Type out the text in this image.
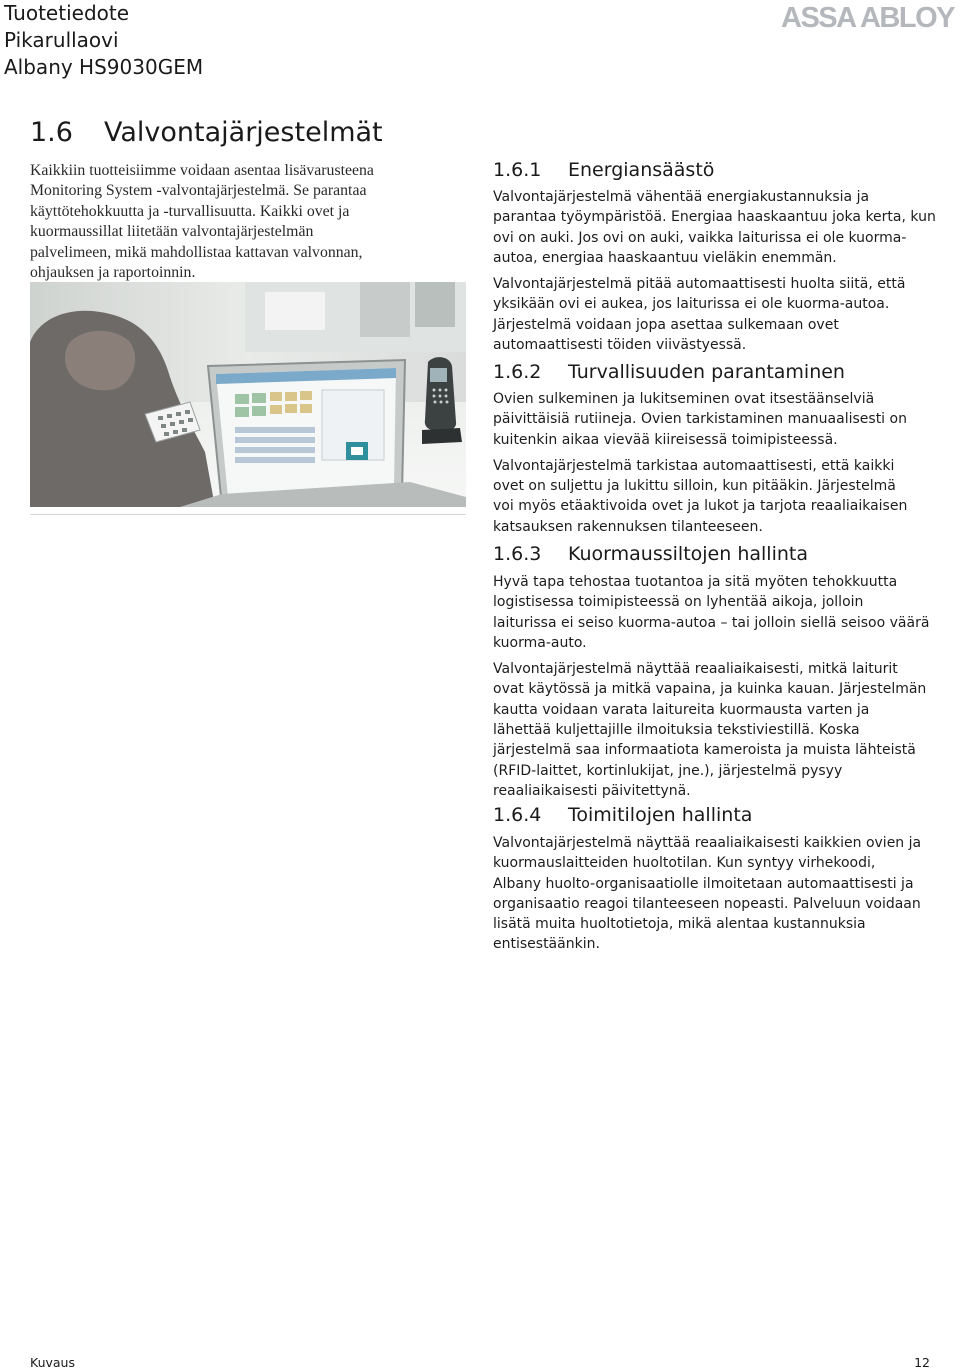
Tuotetiedote
Pikarullaovi
Albany HS9030GEM
ASSA ABLOY
1.6 Valvontajärjestelmät
Kaikkiin tuotteisiimme voidaan asentaa lisävarusteena
Monitoring System -valvontajärjestelmä. Se parantaa
käyttötehokkuutta ja -turvallisuutta. Kaikki ovet ja
kuormaussillat liitetään valvontajärjestelmän
palvelimeen, mikä mahdollistaa kattavan valvonnan,
ohjauksen ja raportoinnin.
1.6.1 Energiansäästö
Valvontajärjestelmä vähentää energiakustannuksia ja
parantaa työympäristöä. Energiaa haaskaantuu joka kerta, kun
ovi on auki. Jos ovi on auki, vaikka laiturissa ei ole kuorma-
autoa, energiaa haaskaantuu vieläkin enemmän.
Valvontajärjestelmä pitää automaattisesti huolta siitä, että
yksikään ovi ei aukea, jos laiturissa ei ole kuorma-autoa.
Järjestelmä voidaan jopa asettaa sulkemaan ovet
automaattisesti töiden viivästyessä.
1.6.2 Turvallisuuden parantaminen
Ovien sulkeminen ja lukitseminen ovat itsestäänselviä
päivittäisiä rutiineja. Ovien tarkistaminen manuaalisesti on
kuitenkin aikaa vievää kiireisessä toimipisteessä.
Valvontajärjestelmä tarkistaa automaattisesti, että kaikki
ovet on suljettu ja lukittu silloin, kun pitääkin. Järjestelmä
voi myös etäaktivoida ovet ja lukot ja tarjota reaaliaikaisen
katsauksen rakennuksen tilanteeseen.
1.6.3 Kuormaussiltojen hallinta
Hyvä tapa tehostaa tuotantoa ja sitä myöten tehokkuutta
logistisessa toimipisteessä on lyhentää aikoja, jolloin
laiturissa ei seiso kuorma-autoa – tai jolloin siellä seisoo väärä
kuorma-auto.
Valvontajärjestelmä näyttää reaaliaikaisesti, mitkä laiturit
ovat käytössä ja mitkä vapaina, ja kuinka kauan. Järjestelmän
kautta voidaan varata laitureita kuormausta varten ja
lähettää kuljettajille ilmoituksia tekstiviestillä. Koska
järjestelmä saa informaatiota kameroista ja muista lähteistä
(RFID-laittet, kortinlukijat, jne.), järjestelmä pysyy
reaaliaikaisesti päivitettynä.
1.6.4 Toimitilojen hallinta
Valvontajärjestelmä näyttää reaaliaikaisesti kaikkien ovien ja
kuormauslaitteiden huoltotilan. Kun syntyy virhekoodi,
Albany huolto-organisaatiolle ilmoitetaan automaattisesti ja
organisaatio reagoi tilanteeseen nopeasti. Palveluun voidaan
lisätä muita huoltotietoja, mikä alentaa kustannuksia
entisestäänkin.
Kuvaus	12
